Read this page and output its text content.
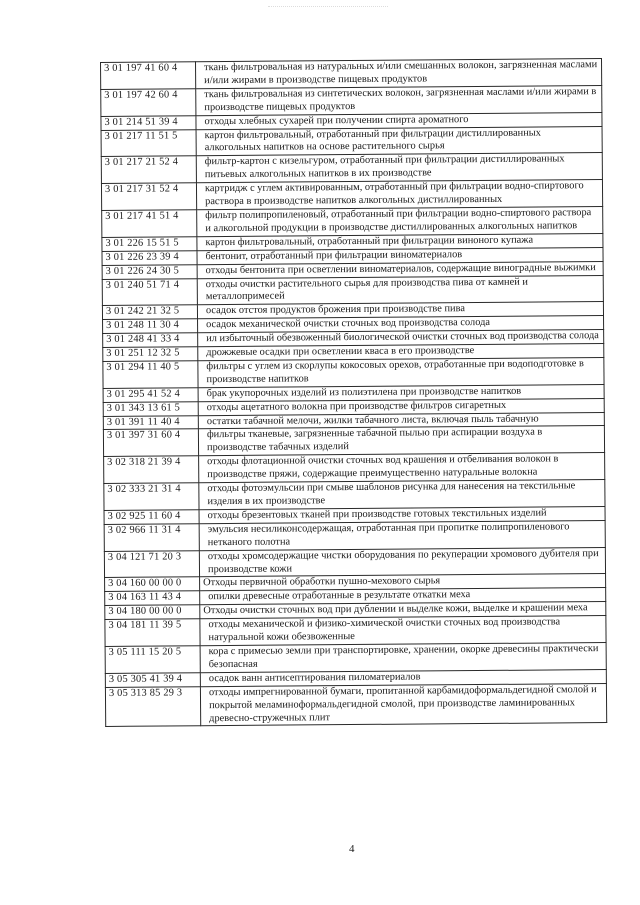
3 01 197 41 60 4	ткань фильтровальная из натуральных и/или смешанных волокон, загрязненная маслами и/или жирами в производстве пищевых продуктов
3 01 197 42 60 4	ткань фильтровальная из синтетических волокон, загрязненная маслами и/или жирами в производстве пищевых продуктов
3 01 214 51 39 4	отходы хлебных сухарей при получении спирта ароматного
3 01 217 11 51 5	картон фильтровальный, отработанный при фильтрации дистиллированных алкогольных напитков на основе растительного сырья
3 01 217 21 52 4	фильтр-картон с кизельгуром, отработанный при фильтрации дистиллированных питьевых алкогольных напитков в их производстве
3 01 217 31 52 4	картридж с углем активированным, отработанный при фильтрации водно-спиртового раствора в производстве напитков алкогольных дистиллированных
3 01 217 41 51 4	фильтр полипропиленовый, отработанный при фильтрации водно-спиртового раствора и алкогольной продукции в производстве дистиллированных алкогольных напитков
3 01 226 15 51 5	картон фильтровальный, отработанный при фильтрации виноного купажа
3 01 226 23 39 4	бентонит, отработанный при фильтрации виноматериалов
3 01 226 24 30 5	отходы бентонита при осветлении виноматериалов, содержащие виноградные выжимки
3 01 240 51 71 4	отходы очистки растительного сырья для производства пива от камней и металлопримесей
3 01 242 21 32 5	осадок отстоя продуктов брожения при производстве пива
3 01 248 11 30 4	осадок механической очистки сточных вод производства солода
3 01 248 41 33 4	ил избыточный обезвоженный биологической очистки сточных вод производства солода
3 01 251 12 32 5	дрожжевые осадки при осветлении кваса в его производстве
3 01 294 11 40 5	фильтры с углем из скорлупы кокосовых орехов, отработанные при водоподготовке в производстве напитков
3 01 295 41 52 4	брак укупорочных изделий из полиэтилена при производстве напитков
3 01 343 13 61 5	отходы ацетатного волокна при производстве фильтров сигаретных
3 01 391 11 40 4	остатки табачной мелочи, жилки табачного листа, включая пыль табачную
3 01 397 31 60 4	фильтры тканевые, загрязненные табачной пылью при аспирации воздуха в производстве табачных изделий
3 02 318 21 39 4	отходы флотационной очистки сточных вод крашения и отбеливания волокон в производстве пряжи, содержащие преимущественно натуральные волокна
3 02 333 21 31 4	отходы фотоэмульсии при смыве шаблонов рисунка для нанесения на текстильные изделия в их производстве
3 02 925 11 60 4	отходы брезентовых тканей при производстве готовых текстильных изделий
3 02 966 11 31 4	эмульсия несиликонсодержащая, отработанная при пропитке полипропиленового нетканого полотна
3 04 121 71 20 3	отходы хромсодержащие чистки оборудования по рекуперации хромового дубителя при производстве кожи
3 04 160 00 00 0	Отходы первичной обработки пушно-мехового сырья
3 04 163 11 43 4	опилки древесные отработанные в результате откатки меха
3 04 180 00 00 0	Отходы очистки сточных вод при дублении и выделке кожи, выделке и крашении меха
3 04 181 11 39 5	отходы механической и физико-химической очистки сточных вод производства натуральной кожи обезвоженные
3 05 111 15 20 5	кора с примесью земли при транспортировке, хранении, окорке древесины практически безопасная
3 05 305 41 39 4	осадок ванн антисептирования пиломатериалов
3 05 313 85 29 3	отходы импрегнированной бумаги, пропитанной карбамидоформальдегидной смолой и покрытой меламиноформальдегидной смолой, при производстве ламинированных древесно-стружечных плит
4
